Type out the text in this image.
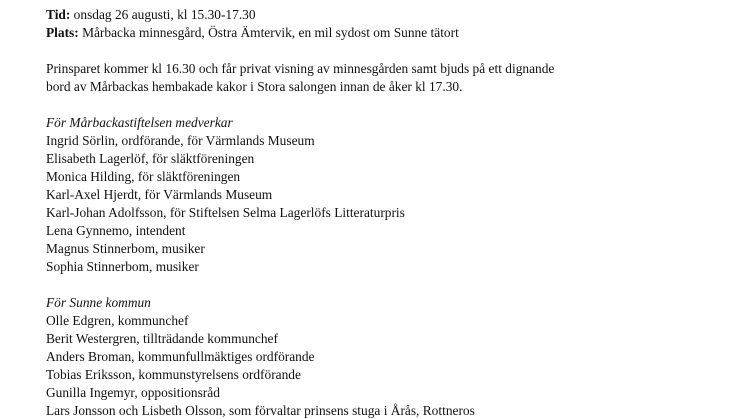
Tid: onsdag 26 augusti, kl 15.30-17.30
Plats: Mårbacka minnesgård, Östra Ämtervik, en mil sydost om Sunne tätort
Prinsparet kommer kl 16.30 och får privat visning av minnesgården samt bjuds på ett dignande
bord av Mårbackas hembakade kakor i Stora salongen innan de åker kl 17.30.
För Mårbackastiftelsen medverkar
Ingrid Sörlin, ordförande, för Värmlands Museum
Elisabeth Lagerlöf, för släktföreningen
Monica Hilding, för släktföreningen
Karl-Axel Hjerdt, för Värmlands Museum
Karl-Johan Adolfsson, för Stiftelsen Selma Lagerlöfs Litteraturpris
Lena Gynnemo, intendent
Magnus Stinnerbom, musiker
Sophia Stinnerbom, musiker
För Sunne kommun
Olle Edgren, kommunchef
Berit Westergren, tillträdande kommunchef
Anders Broman, kommunfullmäktiges ordförande
Tobias Eriksson, kommunstyrelsens ordförande
Gunilla Ingemyr, oppositionsråd
Lars Jonsson och Lisbeth Olsson, som förvaltar prinsens stuga i Årås, Rottneros
